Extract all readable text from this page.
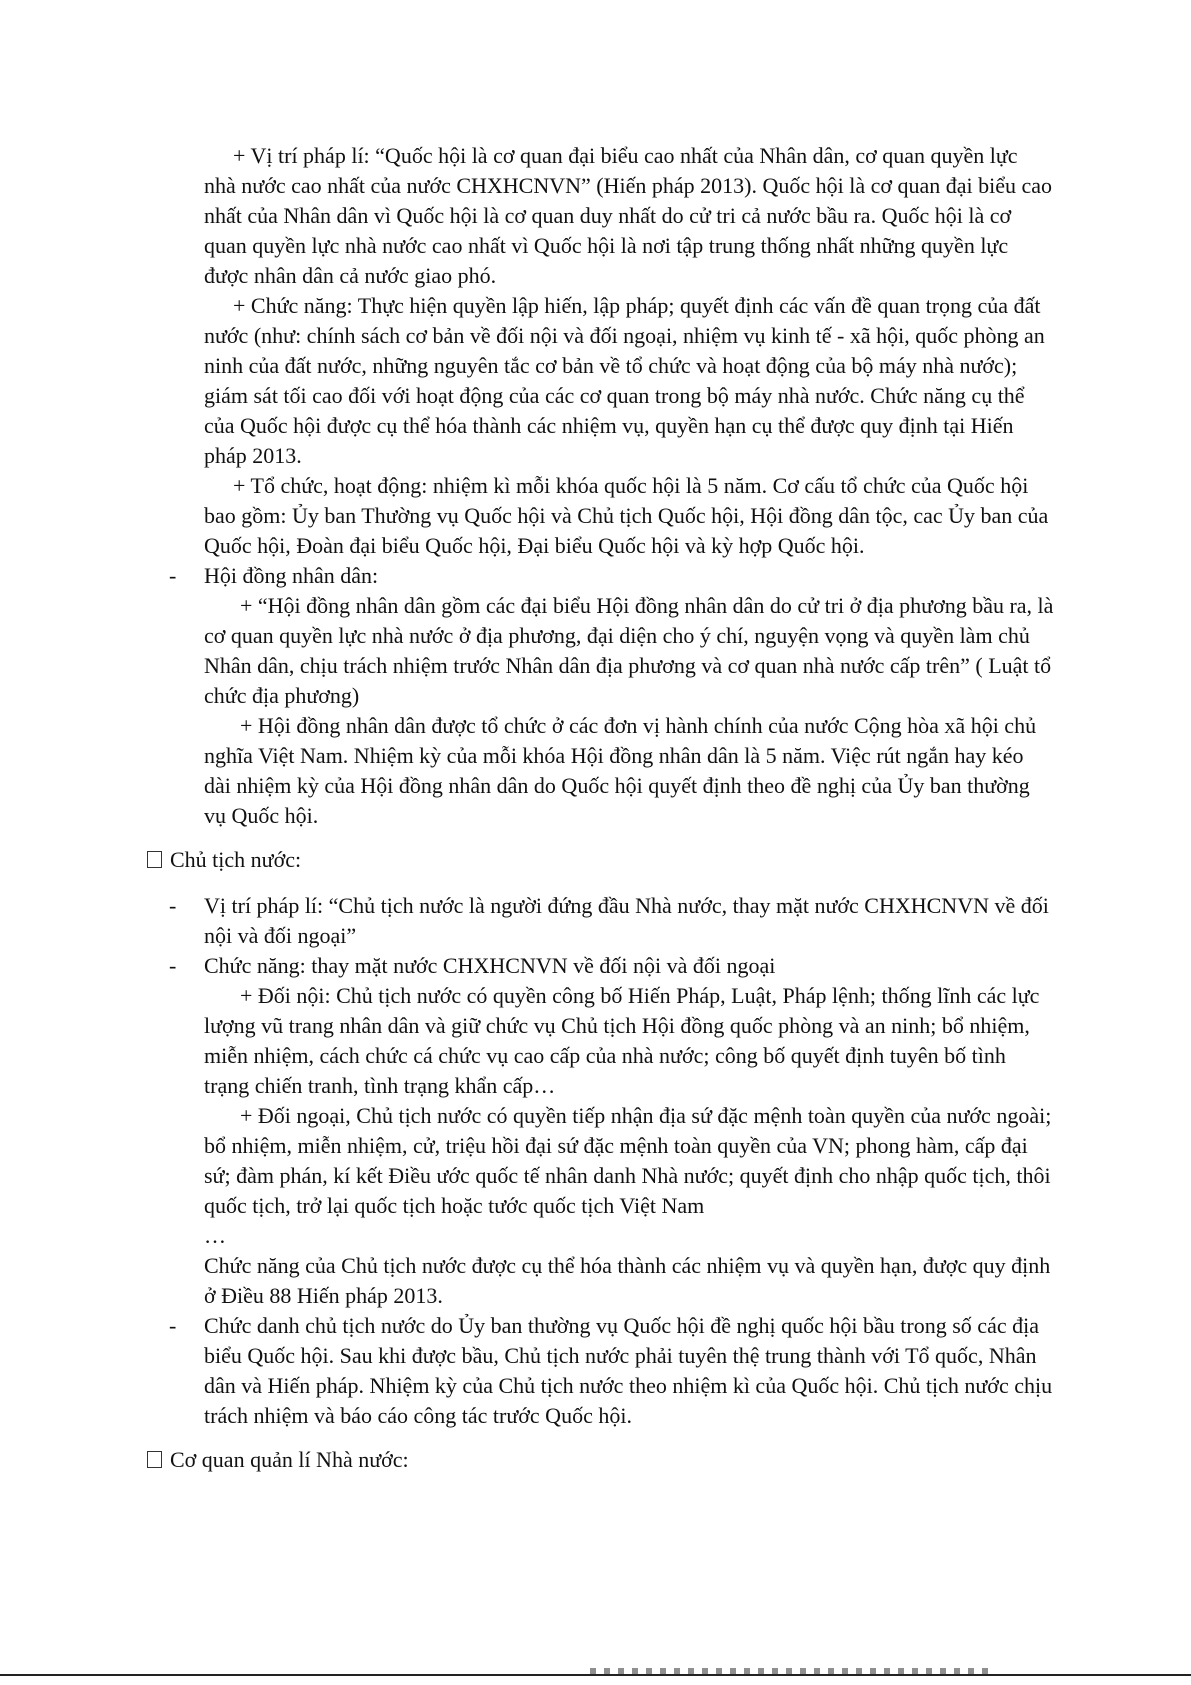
+ Vị trí pháp lí: “Quốc hội là cơ quan đại biểu cao nhất của Nhân dân, cơ quan quyền lực nhà nước cao nhất của nước CHXHCNVN” (Hiến pháp 2013). Quốc hội là cơ quan đại biểu cao nhất của Nhân dân vì Quốc hội là cơ quan duy nhất do cử tri cả nước bầu ra. Quốc hội là cơ quan quyền lực nhà nước cao nhất vì Quốc hội là nơi tập trung thống nhất những quyền lực được nhân dân cả nước giao phó.

+ Chức năng: Thực hiện quyền lập hiến, lập pháp; quyết định các vấn đề quan trọng của đất nước (như: chính sách cơ bản về đối nội và đối ngoại, nhiệm vụ kinh tế - xã hội, quốc phòng an ninh của đất nước, những nguyên tắc cơ bản về tổ chức và hoạt động của bộ máy nhà nước); giám sát tối cao đối với hoạt động của các cơ quan trong bộ máy nhà nước. Chức năng cụ thể của Quốc hội được cụ thể hóa thành các nhiệm vụ, quyền hạn cụ thể được quy định tại Hiến pháp 2013.

+ Tổ chức, hoạt động: nhiệm kì mỗi khóa quốc hội là 5 năm. Cơ cấu tổ chức của Quốc hội bao gồm: Ủy ban Thường vụ Quốc hội và Chủ tịch Quốc hội, Hội đồng dân tộc, cac Ủy ban của Quốc hội, Đoàn đại biểu Quốc hội, Đại biểu Quốc hội và kỳ hợp Quốc hội.

- Hội đồng nhân dân:

+ “Hội đồng nhân dân gồm các đại biểu Hội đồng nhân dân do cử tri ở địa phương bầu ra, là cơ quan quyền lực nhà nước ở địa phương, đại diện cho ý chí, nguyện vọng và quyền làm chủ Nhân dân, chịu trách nhiệm trước Nhân dân địa phương và cơ quan nhà nước cấp trên” ( Luật tổ chức địa phương)

+ Hội đồng nhân dân được tổ chức ở các đơn vị hành chính của nước Cộng hòa xã hội chủ nghĩa Việt Nam. Nhiệm kỳ của mỗi khóa Hội đồng nhân dân là 5 năm. Việc rút ngắn hay kéo dài nhiệm kỳ của Hội đồng nhân dân do Quốc hội quyết định theo đề nghị của Ủy ban thường vụ Quốc hội.

Chủ tịch nước:
- Vị trí pháp lí: “Chủ tịch nước là người đứng đầu Nhà nước, thay mặt nước CHXHCNVN về đối nội và đối ngoại”
- Chức năng: thay mặt nước CHXHCNVN về đối nội và đối ngoại

+ Đối nội: Chủ tịch nước có quyền công bố Hiến Pháp, Luật, Pháp lệnh; thống lĩnh các lực lượng vũ trang nhân dân và giữ chức vụ Chủ tịch Hội đồng quốc phòng và an ninh; bổ nhiệm, miễn nhiệm, cách chức cá chức vụ cao cấp của nhà nước; công bố quyết định tuyên bố tình trạng chiến tranh, tình trạng khẩn cấp…

+ Đối ngoại, Chủ tịch nước có quyền tiếp nhận địa sứ đặc mệnh toàn quyền của nước ngoài; bổ nhiệm, miễn nhiệm, cử, triệu hồi đại sứ đặc mệnh toàn quyền của VN; phong hàm, cấp đại sứ; đàm phán, kí kết Điều ước quốc tế nhân danh Nhà nước; quyết định cho nhập quốc tịch, thôi quốc tịch, trở lại quốc tịch hoặc tước quốc tịch Việt Nam

…

Chức năng của Chủ tịch nước được cụ thể hóa thành các nhiệm vụ và quyền hạn, được quy định ở Điều 88 Hiến pháp 2013.

- Chức danh chủ tịch nước do Ủy ban thường vụ Quốc hội đề nghị quốc hội bầu trong số các địa biểu Quốc hội. Sau khi được bầu, Chủ tịch nước phải tuyên thệ trung thành với Tổ quốc, Nhân dân và Hiến pháp. Nhiệm kỳ của Chủ tịch nước theo nhiệm kì của Quốc hội. Chủ tịch nước chịu trách nhiệm và báo cáo công tác trước Quốc hội.
Cơ quan quản lí Nhà nước:
